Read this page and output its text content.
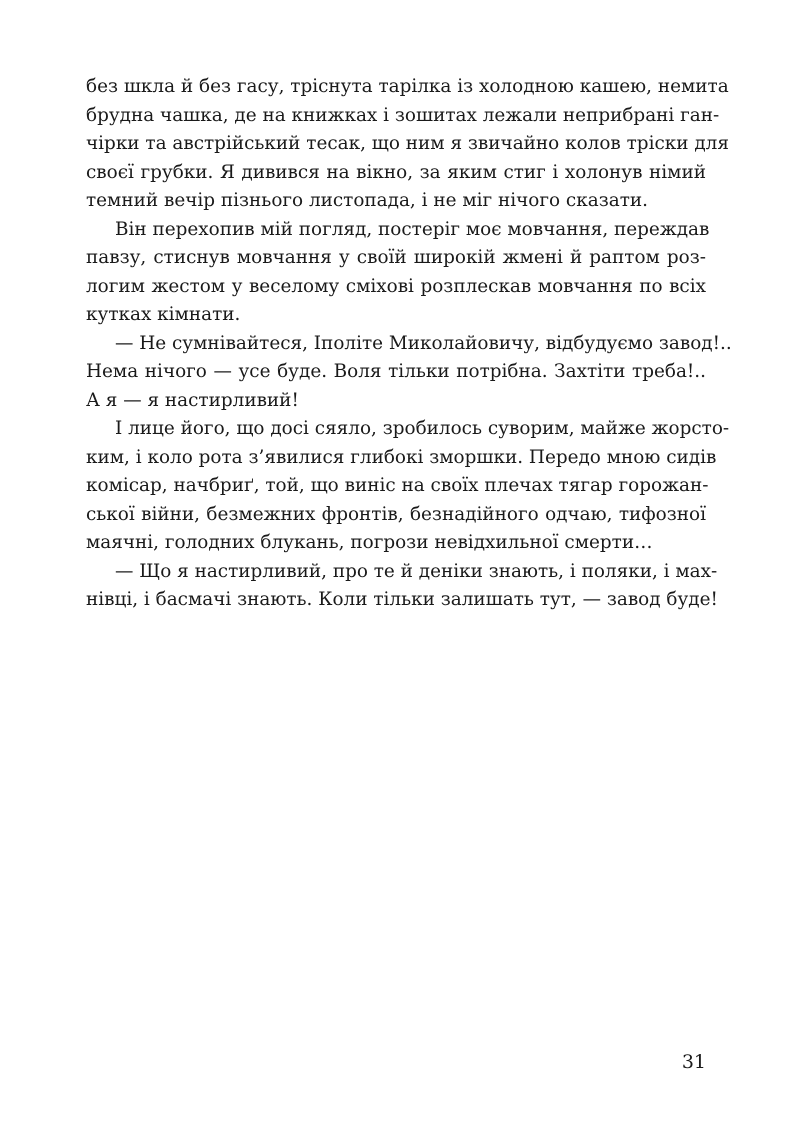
без шкла й без гасу, тріснута тарілка із холодною кашею, немита
брудна чашка, де на книжках і зошитах лежали неприбрані ган-
чірки та австрійський тесак, що ним я звичайно колов тріски для
своєї грубки. Я дивився на вікно, за яким стиг і холонув німий
темний вечір пізнього листопада, і не міг нічого сказати.
Він перехопив мій погляд, постеріг моє мовчання, переждав
павзу, стиснув мовчання у своїй широкій жмені й раптом роз-
логим жестом у веселому сміхові розплескав мовчання по всіх
кутках кімнати.
— Не сумнівайтеся, Іполіте Миколайовичу, відбудуємо завод!..
Нема нічого — усе буде. Воля тільки потрібна. Захтіти треба!..
А я — я настирливий!
І лице його, що досі сяяло, зробилось суворим, майже жорсто-
ким, і коло рота з’явилися глибокі зморшки. Передо мною сидів
комісар, начбриґ, той, що виніс на своїх плечах тягар горожан-
ської війни, безмежних фронтів, безнадійного одчаю, тифозної
маячні, голодних блукань, погрози невідхильної смерти…
— Що я настирливий, про те й деніки знають, і поляки, і мах-
нівці, і басмачі знають. Коли тільки залишать тут, — завод буде!
31
